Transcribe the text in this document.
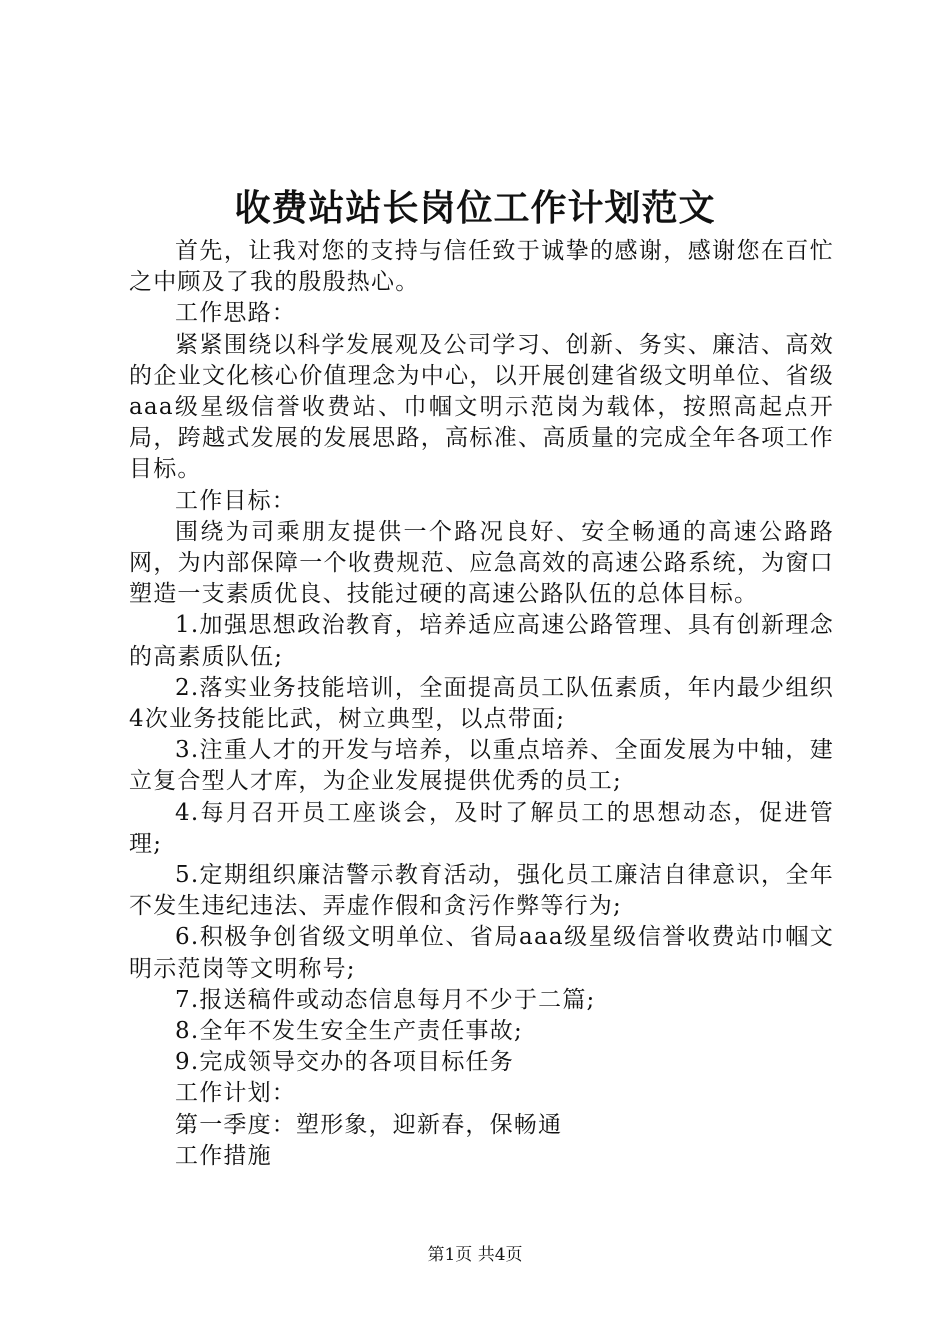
收费站站长岗位工作计划范文

首先，让我对您的支持与信任致于诚挚的感谢，感谢您在百忙之中顾及了我的殷殷热心。

工作思路：

紧紧围绕以科学发展观及公司学习、创新、务实、廉洁、高效的企业文化核心价值理念为中心，以开展创建省级文明单位、省级aaa级星级信誉收费站、巾帼文明示范岗为载体，按照高起点开局，跨越式发展的发展思路，高标准、高质量的完成全年各项工作目标。

工作目标：

围绕为司乘朋友提供一个路况良好、安全畅通的高速公路路网，为内部保障一个收费规范、应急高效的高速公路系统，为窗口塑造一支素质优良、技能过硬的高速公路队伍的总体目标。

1.加强思想政治教育，培养适应高速公路管理、具有创新理念的高素质队伍;

2.落实业务技能培训，全面提高员工队伍素质，年内最少组织4次业务技能比武，树立典型，以点带面;

3.注重人才的开发与培养，以重点培养、全面发展为中轴，建立复合型人才库，为企业发展提供优秀的员工;

4.每月召开员工座谈会，及时了解员工的思想动态，促进管理;

5.定期组织廉洁警示教育活动，强化员工廉洁自律意识，全年不发生违纪违法、弄虚作假和贪污作弊等行为;

6.积极争创省级文明单位、省局aaa级星级信誉收费站巾帼文明示范岗等文明称号;

7.报送稿件或动态信息每月不少于二篇;

8.全年不发生安全生产责任事故;

9.完成领导交办的各项目标任务

工作计划：

第一季度：塑形象，迎新春，保畅通

工作措施

第1页 共4页
